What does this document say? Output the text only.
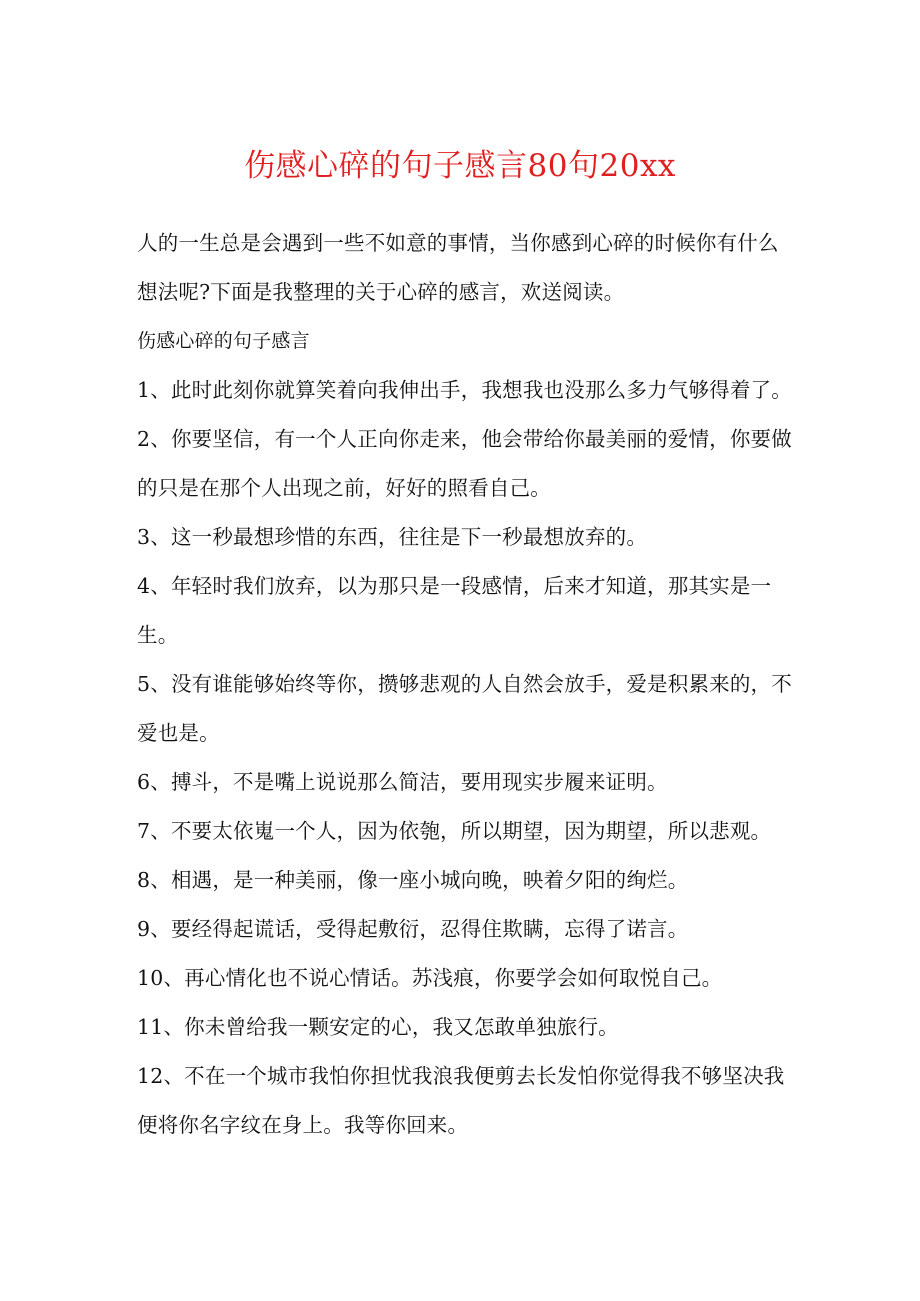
伤感心碎的句子感言80句20xx

人的一生总是会遇到一些不如意的事情，当你感到心碎的时候你有什么想法呢?下面是我整理的关于心碎的感言，欢送阅读。

伤感心碎的句子感言

1、此时此刻你就算笑着向我伸出手，我想我也没那么多力气够得着了。

2、你要坚信，有一个人正向你走来，他会带给你最美丽的爱情，你要做的只是在那个人出现之前，好好的照看自己。

3、这一秒最想珍惜的东西，往往是下一秒最想放弃的。

4、年轻时我们放弃，以为那只是一段感情，后来才知道，那其实是一生。

5、没有谁能够始终等你，攒够悲观的人自然会放手，爱是积累来的，不爱也是。

6、搏斗，不是嘴上说说那么简洁，要用现实步履来证明。

7、不要太依嵬一个人，因为依匏，所以期望，因为期望，所以悲观。

8、相遇，是一种美丽，像一座小城向晚，映着夕阳的绚烂。

9、要经得起谎话，受得起敷衍，忍得住欺瞒，忘得了诺言。

10、再心情化也不说心情话。苏浅痕，你要学会如何取悦自己。

11、你未曾给我一颗安定的心，我又怎敢单独旅行。

12、不在一个城市我怕你担忧我浪我便剪去长发怕你觉得我不够坚决我便将你名字纹在身上。我等你回来。
